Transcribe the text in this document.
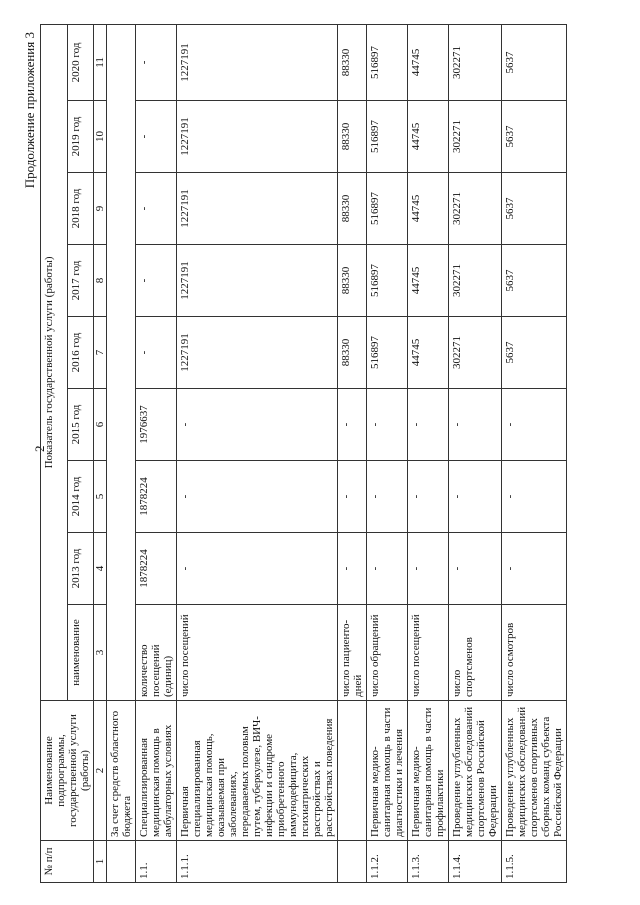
2
Продолжение приложения 3
№ п/п	Наименование подпрограммы, государственной услуги (работы)	Показатель государственной услуги (работы)								
		наименование	2013 год	2014 год	2015 год	2016 год	2017 год	2018 год	2019 год	2020 год
1	2	3	4	5	6	7	8	9	10	11
	За счет средств областного бюджета									
1.1.	Специализированная медицинская помощь в амбулаторных условиях	количество посещений (единиц)	1878224	1878224	1976637	-	-	-	-	-
1.1.1.	Первичная специализированная медицинская помощь, оказываемая при заболеваниях, передаваемых половым путем, туберкулезе, ВИЧ-инфекции и синдроме приобретенного иммунодефицита, психиатрических расстройствах и расстройствах поведения	число посещений	-	-	-	1227191	1227191	1227191	1227191	1227191
		число пациенто-дней	-	-	-	88330	88330	88330	88330	88330
1.1.2.	Первичная медико-санитарная помощь в части диагностики и лечения	число обращений	-	-	-	516897	516897	516897	516897	516897
1.1.3.	Первичная медико-санитарная помощь в части профилактики	число посещений	-	-	-	44745	44745	44745	44745	44745
1.1.4.	Проведение углубленных медицинских обследований спортсменов Российской Федерации	число спортсменов	-	-	-	302271	302271	302271	302271	302271
1.1.5.	Проведение углубленных медицинских обследований спортсменов спортивных сборных команд субъекта Российской Федерации	число осмотров	-	-	-	5637	5637	5637	5637	5637
